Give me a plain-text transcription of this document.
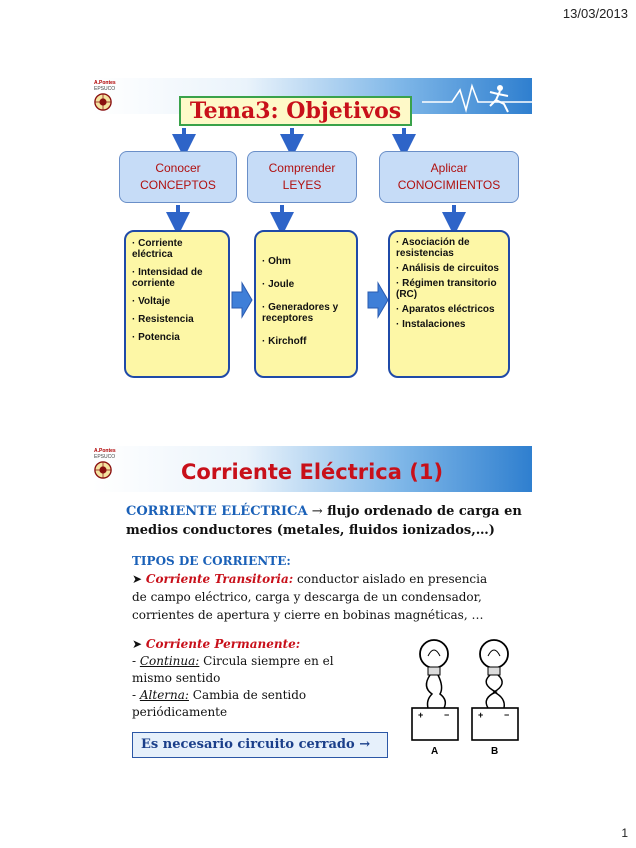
13/03/2013
A.Pontes
EPSUCO
Tema3: Objetivos
Conocer
CONCEPTOS
Comprender
LEYES
Aplicar
CONOCIMIENTOS
· Corriente eléctrica
· Intensidad de corriente
· Voltaje
· Resistencia
· Potencia
· Ohm
· Joule
· Generadores y receptores
· Kirchoff
· Asociación de resistencias
· Análisis de circuitos
· Régimen transitorio (RC)
· Aparatos eléctricos
· Instalaciones
A.Pontes
EPSUCO
Corriente Eléctrica (1)
CORRIENTE ELÉCTRICA → flujo ordenado de carga en
medios conductores (metales, fluidos ionizados,…)
TIPOS DE CORRIENTE:
➤ Corriente Transitoria: conductor aislado en presencia
de campo eléctrico, carga y descarga de un condensador,
corrientes de apertura y cierre en bobinas magnéticas, …
➤ Corriente Permanente:
- Continua: Circula siempre en el
mismo sentido
- Alterna: Cambia de sentido
periódicamente
Es necesario circuito cerrado →
+ −
A
+ −
B
1
